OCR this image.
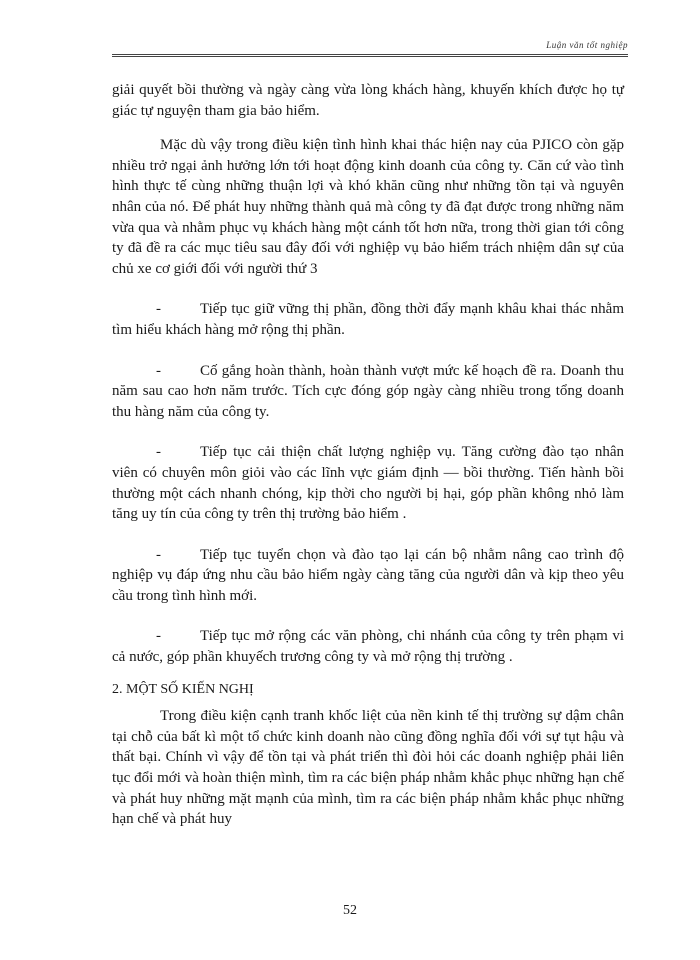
Luận văn tốt nghiệp

giải quyết bồi thường và ngày càng vừa lòng khách hàng, khuyến khích được họ tự giác tự nguyện tham gia bảo hiểm.

Mặc dù vậy trong điều kiện tình hình khai thác hiện nay của PJICO còn gặp nhiều trở ngại ảnh hưởng lớn tới hoạt động kinh doanh của công ty. Căn cứ vào tình hình thực tế cùng những thuận lợi và khó khăn cũng như những tồn tại và nguyên nhân của nó. Để phát huy những thành quả mà công ty đã đạt được trong những năm vừa qua và nhằm phục vụ khách hàng một cánh tốt hơn nữa, trong thời gian tới công ty đã đề ra các mục tiêu sau đây đối với nghiệp vụ bảo hiểm trách nhiệm dân sự của chủ xe cơ giới đối với người thứ 3

-	Tiếp tục giữ vững thị phần, đồng thời đẩy mạnh khâu khai thác nhằm tìm hiểu khách hàng mở rộng thị phần.

-	Cố gắng hoàn thành, hoàn thành vượt mức kế hoạch đề ra. Doanh thu năm sau cao hơn năm trước. Tích cực đóng góp ngày càng nhiều trong tổng doanh thu hàng năm của công ty.

-	Tiếp tục cải thiện chất lượng nghiệp vụ. Tăng cường đào tạo nhân viên có chuyên môn giỏi vào các lĩnh vực giám định — bồi thường. Tiến hành bồi thường một cách nhanh chóng, kịp thời cho người bị hại, góp phần không nhỏ làm tăng uy tín của công ty trên thị trường bảo hiểm .

-	Tiếp tục tuyển chọn và đào tạo lại cán bộ nhằm nâng cao trình độ nghiệp vụ đáp ứng nhu cầu bảo hiểm ngày càng tăng của người dân và kịp theo yêu cầu trong tình hình mới.

-	Tiếp tục mở rộng các văn phòng, chi nhánh của công ty trên phạm vi cả nước, góp phần khuyếch trương công ty và mở rộng thị trường .

2. MỘT SỐ KIẾN NGHỊ

Trong điều kiện cạnh tranh khốc liệt của nền kinh tế thị trường sự dậm chân tại chỗ của bất kì một tổ chức kinh doanh nào cũng đồng nghĩa đối với sự tụt hậu và thất bại. Chính vì vậy để tồn tại và phát triển thì đòi hỏi các doanh nghiệp phải liên tục đổi mới và hoàn thiện mình, tìm ra các biện pháp nhằm khắc phục những hạn chế và phát huy những mặt mạnh của mình, tìm ra các biện pháp nhằm khắc phục những hạn chế và phát huy

52
